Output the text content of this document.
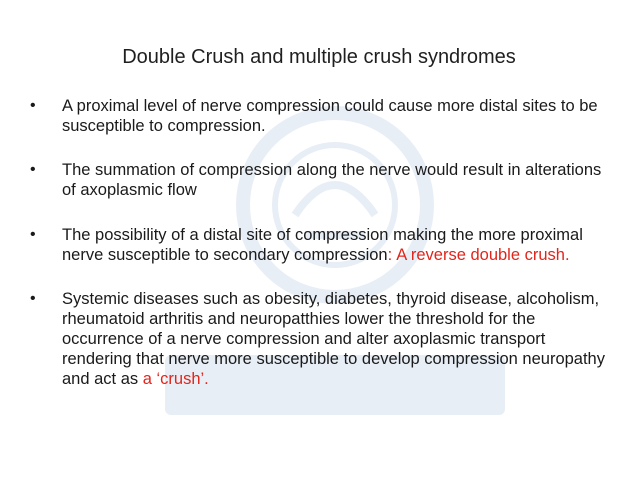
Double Crush and multiple crush syndromes
• A proximal level of nerve compression could cause more distal sites to be susceptible to compression.
• The summation of compression along the nerve would result in alterations of axoplasmic flow
• The possibility of a distal site of compression making the more proximal nerve susceptible to secondary compression: A reverse double crush.
• Systemic diseases such as obesity, diabetes, thyroid disease, alcoholism, rheumatoid arthritis and neuropatthies lower the threshold for the occurrence of a nerve compression and alter axoplasmic transport rendering that nerve more susceptible to develop compression neuropathy and act as a ‘crush’.
